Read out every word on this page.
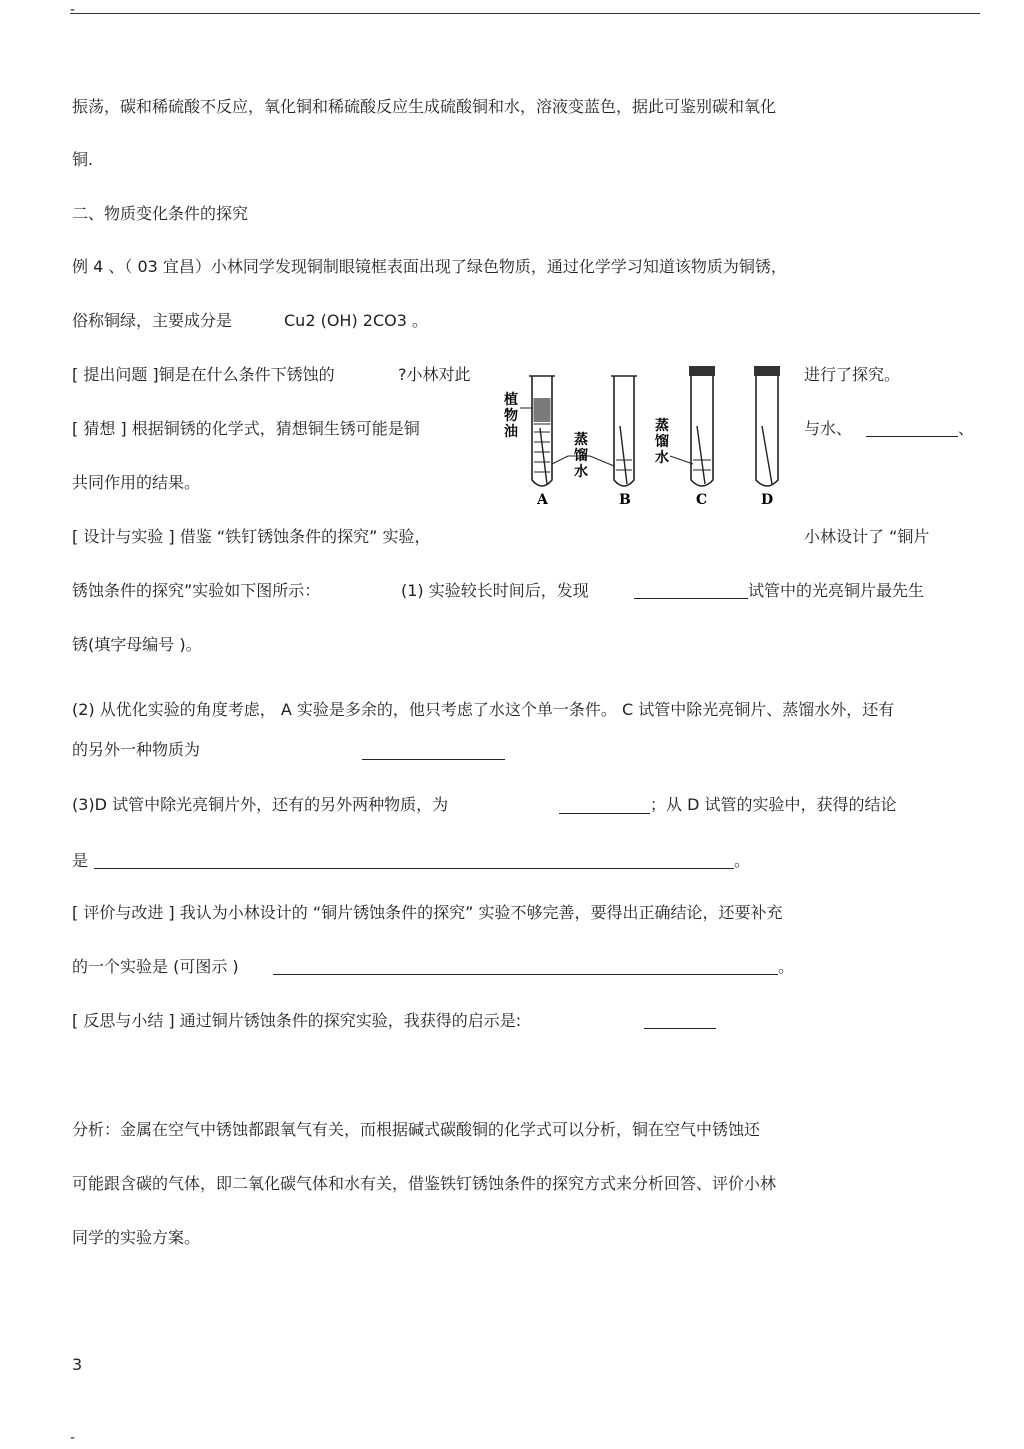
-
振荡，碳和稀硫酸不反应，氧化铜和稀硫酸反应生成硫酸铜和水，溶液变蓝色，据此可鉴别碳和氧化
铜.
二、物质变化条件的探究
例 4 、（ 03 宜昌）小林同学发现铜制眼镜框表面出现了绿色物质，通过化学学习知道该物质为铜锈，
俗称铜绿，主要成分是	Cu2 (OH) 2CO3 。
[ 提出问题 ]铜是在什么条件下锈蚀的	?小林对此	进行了探究。
[ 猜想 ] 根据铜锈的化学式，猜想铜生锈可能是铜	与水、	、
共同作用的结果。
植
物
油	蒸
馏
水
蒸
馏
水
A	B	C	D
[ 设计与实验 ] 借鉴 “铁钉锈蚀条件的探究” 实验，	小林设计了 “铜片
锈蚀条件的探究”实验如下图所示：	(1) 实验较长时间后，发现	试管中的光亮铜片最先生
锈(填字母编号 )。
(2) 从优化实验的角度考虑， A 实验是多余的，他只考虑了水这个单一条件。 C 试管中除光亮铜片、蒸馏水外，还有
的另外一种物质为
(3)D 试管中除光亮铜片外，还有的另外两种物质，为	；从 D 试管的实验中，获得的结论
是	。
[ 评价与改进 ] 我认为小林设计的 “铜片锈蚀条件的探究” 实验不够完善，要得出正确结论，还要补充
的一个实验是 (可图示 )	。
[ 反思与小结 ] 通过铜片锈蚀条件的探究实验，我获得的启示是:
分析：金属在空气中锈蚀都跟氧气有关，而根据碱式碳酸铜的化学式可以分析，铜在空气中锈蚀还
可能跟含碳的气体，即二氧化碳气体和水有关，借鉴铁钉锈蚀条件的探究方式来分析回答、评价小林
同学的实验方案。
3
-
